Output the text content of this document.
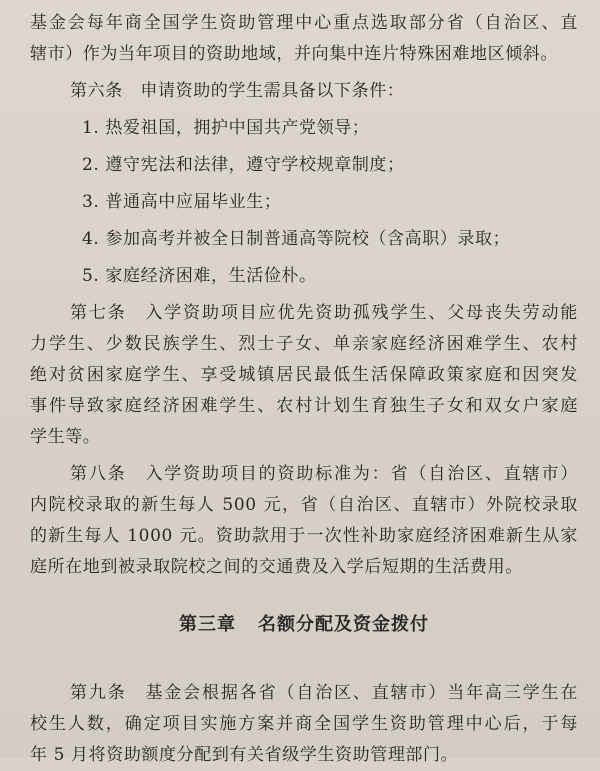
基金会每年商全国学生资助管理中心重点选取部分省（自治区、直

辖市）作为当年项目的资助地域，并向集中连片特殊困难地区倾斜。

第六条　申请资助的学生需具备以下条件：

1. 热爱祖国，拥护中国共产党领导；

2. 遵守宪法和法律，遵守学校规章制度；

3. 普通高中应届毕业生；

4. 参加高考并被全日制普通高等院校（含高职）录取；

5. 家庭经济困难，生活俭朴。

第七条　入学资助项目应优先资助孤残学生、父母丧失劳动能

力学生、少数民族学生、烈士子女、单亲家庭经济困难学生、农村

绝对贫困家庭学生、享受城镇居民最低生活保障政策家庭和因突发

事件导致家庭经济困难学生、农村计划生育独生子女和双女户家庭

学生等。

第八条　入学资助项目的资助标准为：省（自治区、直辖市）

内院校录取的新生每人 500 元，省（自治区、直辖市）外院校录取

的新生每人 1000 元。资助款用于一次性补助家庭经济困难新生从家

庭所在地到被录取院校之间的交通费及入学后短期的生活费用。

第三章 名额分配及资金拨付

第九条　基金会根据各省（自治区、直辖市）当年高三学生在

校生人数，确定项目实施方案并商全国学生资助管理中心后，于每

年 5 月将资助额度分配到有关省级学生资助管理部门。
